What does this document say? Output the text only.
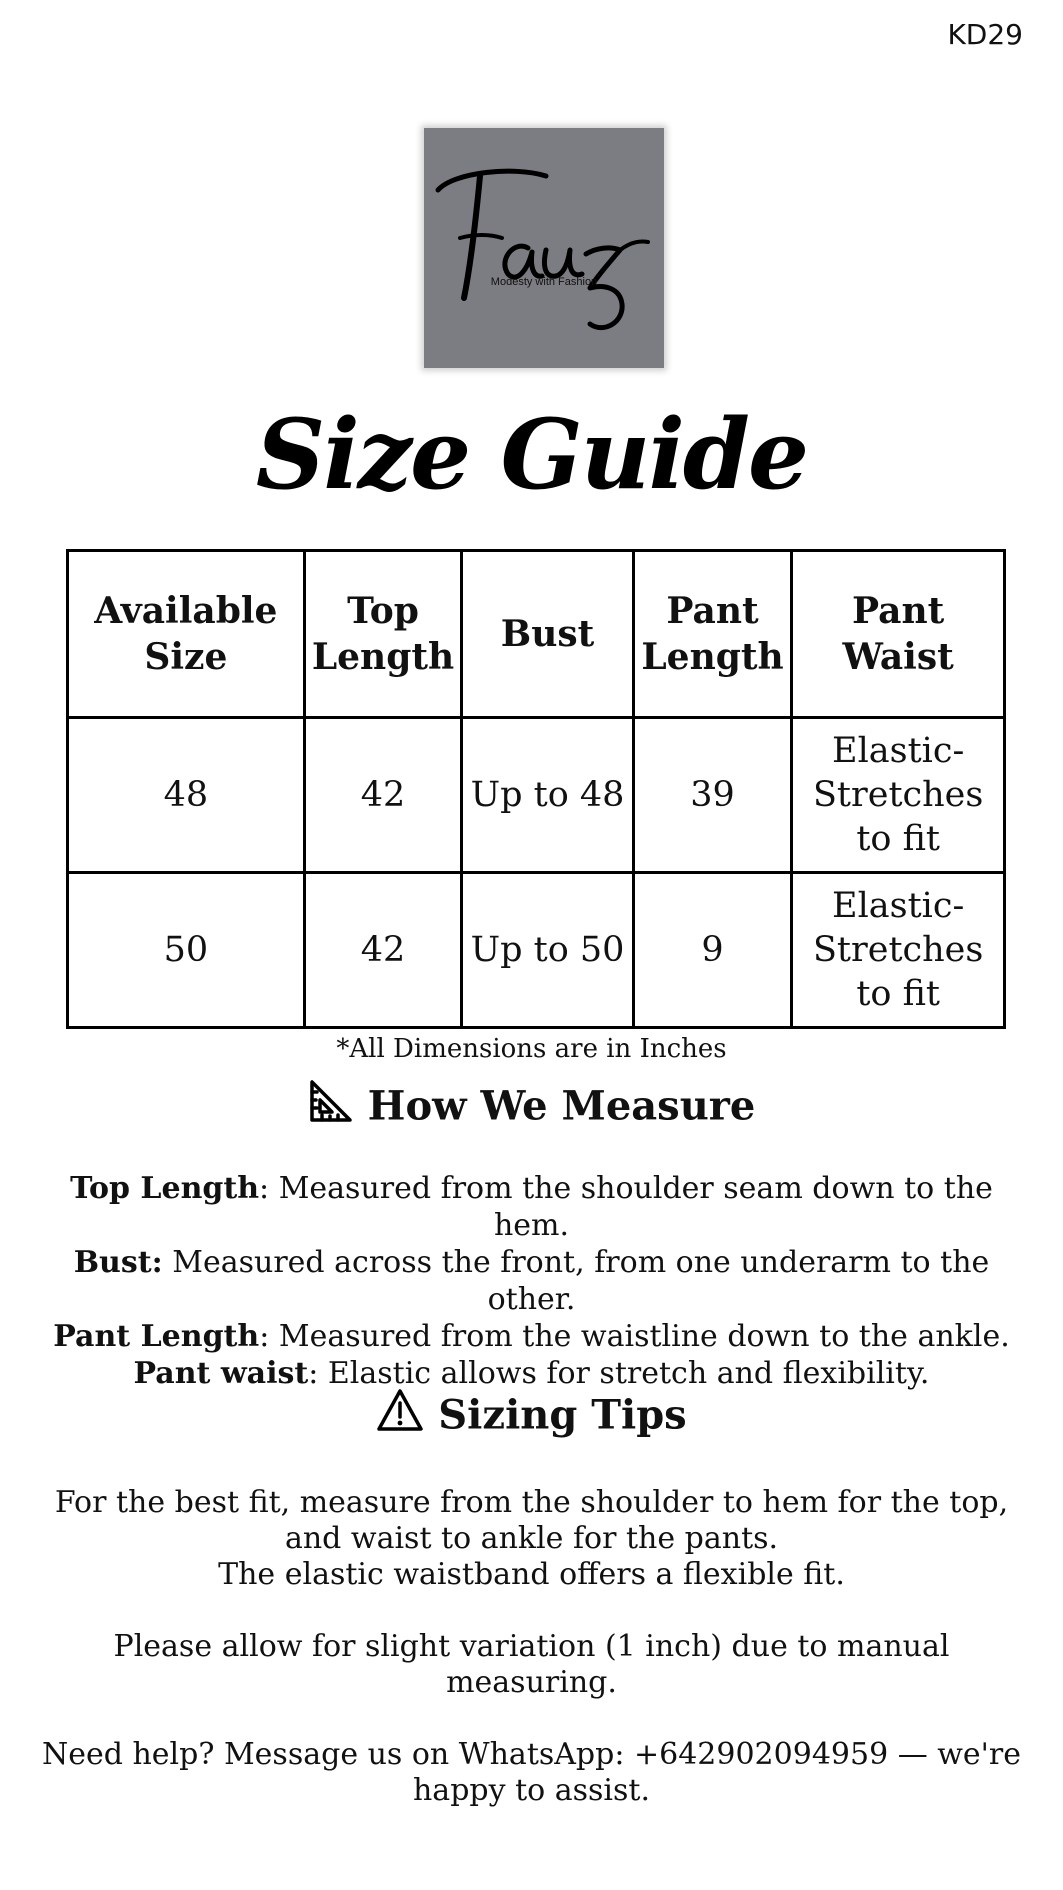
KD29
Modesty with Fashion
Size Guide
Available Size	Top Length	Bust	Pant Length	Pant Waist
48	42	Up to 48	39	Elastic-Stretches to fit
50	42	Up to 50	9	Elastic-Stretches to fit
*All Dimensions are in Inches
How We Measure
Top Length: Measured from the shoulder seam down to the hem.
Bust: Measured across the front, from one underarm to the other.
Pant Length: Measured from the waistline down to the ankle.
Pant waist: Elastic allows for stretch and flexibility.
Sizing Tips

For the best fit, measure from the shoulder to hem for the top, and waist to ankle for the pants.

The elastic waistband offers a flexible fit.

Please allow for slight variation (1 inch) due to manual measuring.

Need help? Message us on WhatsApp: +642902094959 — we're happy to assist.
